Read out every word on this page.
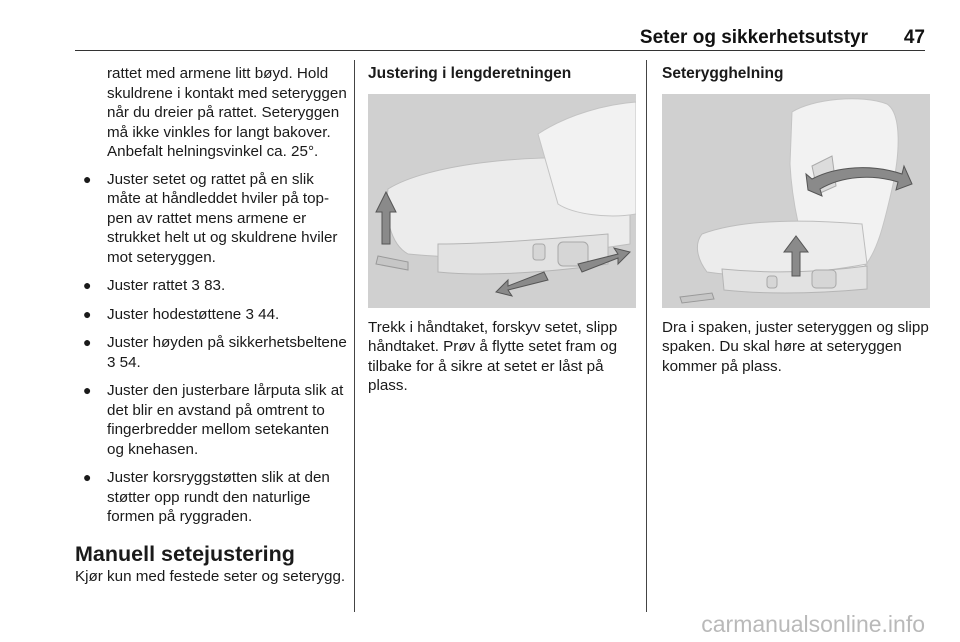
Seter og sikkerhetsutstyr 47

rattet med armene litt bøyd. Hold skuldrene i kontakt med seteryggen når du dreier på rattet. Seteryggen må ikke vinkles for langt bakover. Anbefalt helningsvinkel ca. 25°.

● Juster setet og rattet på en slik måte at håndleddet hviler på toppen av rattet mens armene er strukket helt ut og skuldrene hviler mot seteryggen.
● Juster rattet 3 83.
● Juster hodestøttene 3 44.
● Juster høyden på sikkerhetsbeltene 3 54.
● Juster den justerbare lårputa slik at det blir en avstand på omtrent to fingerbredder mellom setekanten og knehasen.
● Juster korsryggstøtten slik at den støtter opp rundt den naturlige formen på ryggraden.
Manuell setejustering

Kjør kun med festede seter og seterygg.

Justering i lengderetningen

Trekk i håndtaket, forskyv setet, slipp håndtaket. Prøv å flytte setet fram og tilbake for å sikre at setet er låst på plass.

Seterygghelning

Dra i spaken, juster seteryggen og slipp spaken. Du skal høre at seteryggen kommer på plass.

carmanualsonline.info
